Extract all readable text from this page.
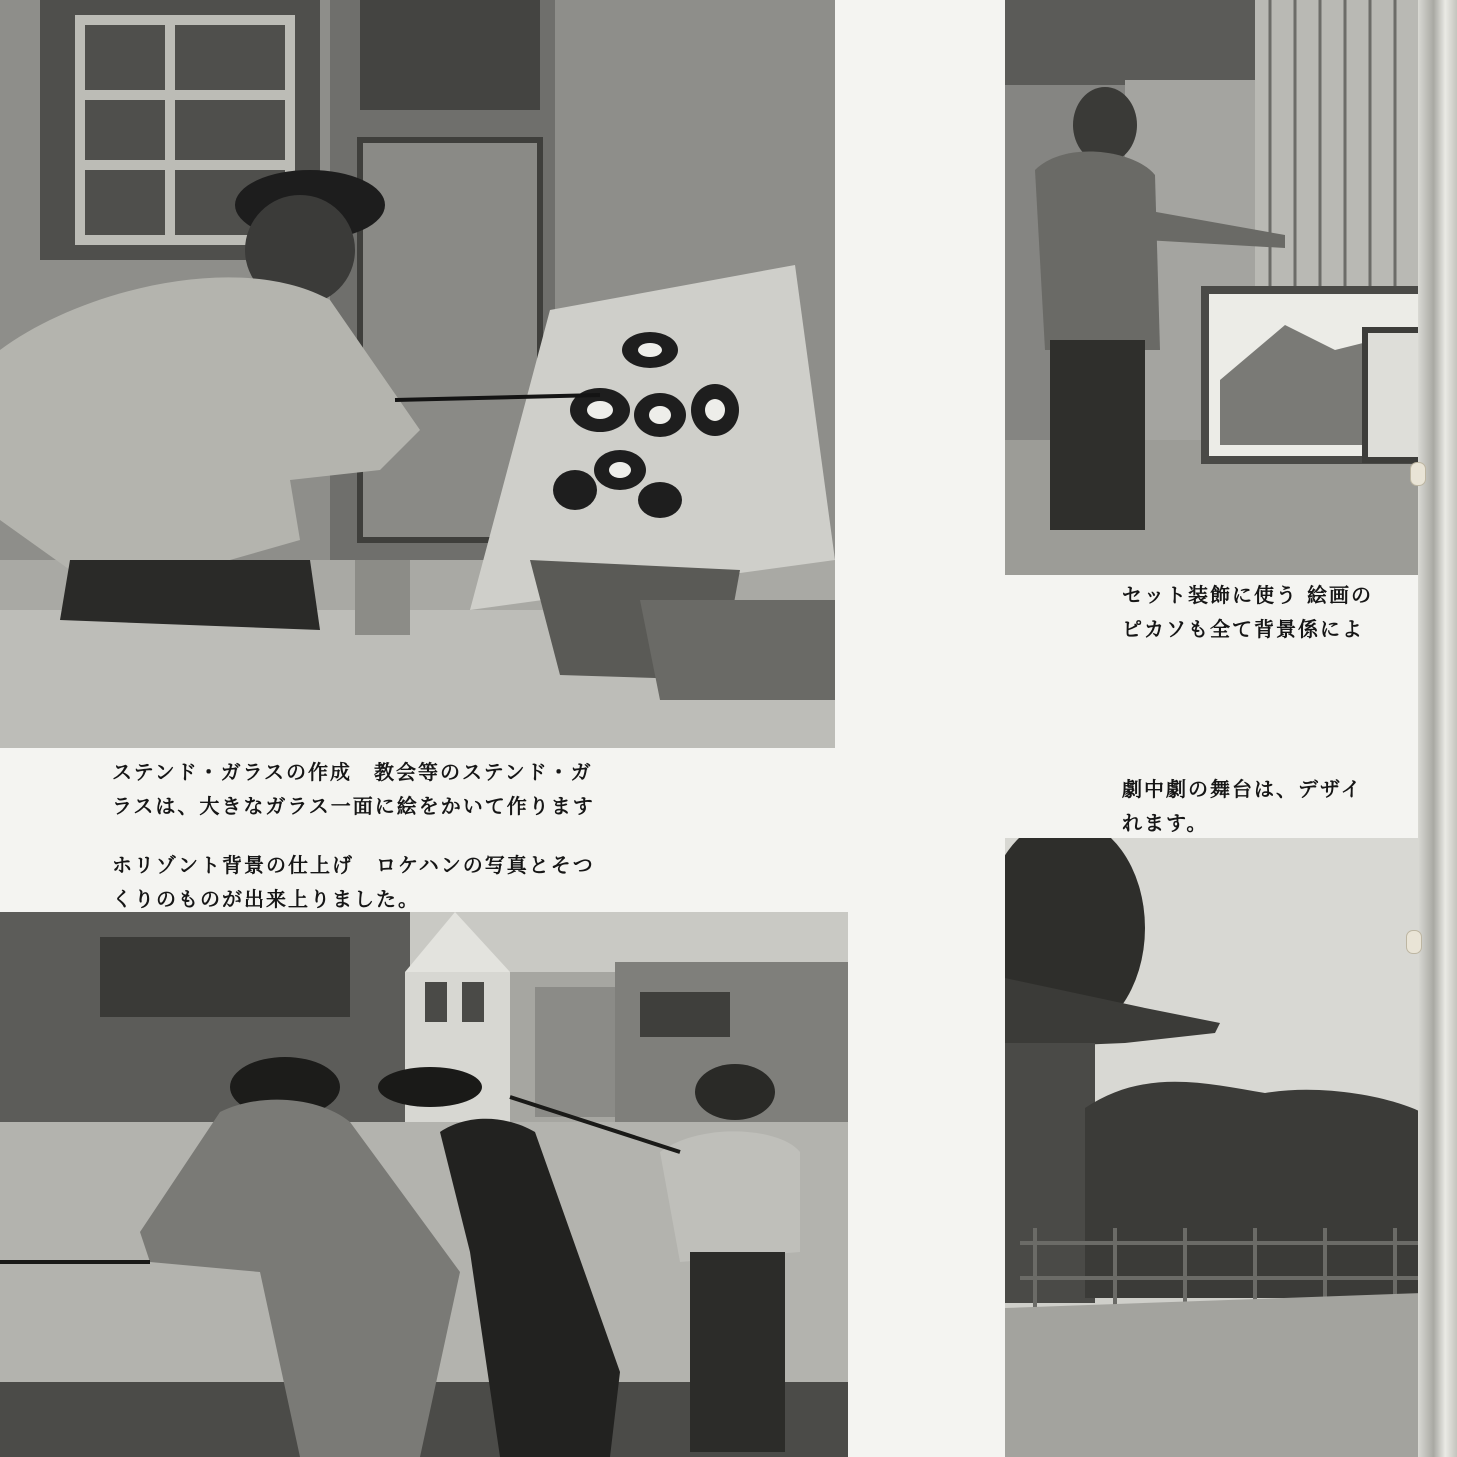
ステンド・ガラスの作成　教会等のステンド・ガ
ラスは、大きなガラス一面に絵をかいて作ります

ホリゾント背景の仕上げ　ロケハンの写真とそつ
くりのものが出来上りました。

セット装飾に使う 絵画の
ピカソも全て背景係によ

劇中劇の舞台は、デザイ
れます。
